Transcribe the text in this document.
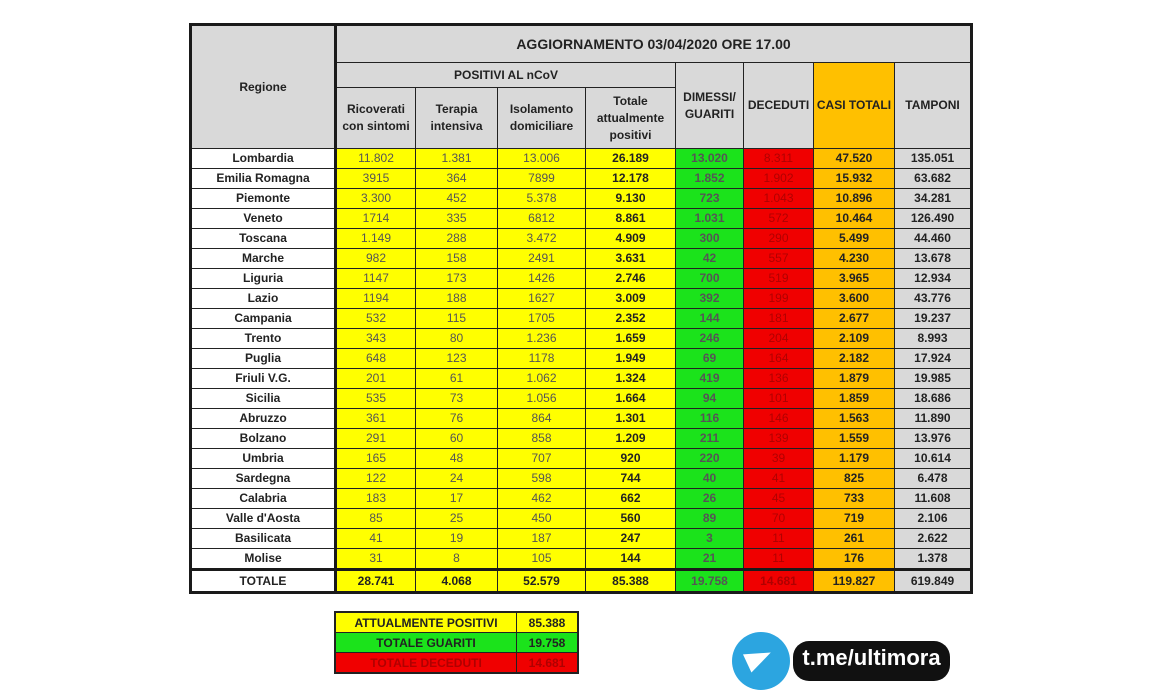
Regione	AGGIORNAMENTO 03/04/2020 ORE 17.00							
	POSITIVI AL nCoV				DIMESSI/ GUARITI	DECEDUTI	CASI TOTALI	TAMPONI
	Ricoverati con sintomi	Terapia intensiva	Isolamento domiciliare	Totale attualmente positivi				
Lombardia	11.802	1.381	13.006	26.189	13.020	8.311	47.520	135.051
Emilia Romagna	3915	364	7899	12.178	1.852	1.902	15.932	63.682
Piemonte	3.300	452	5.378	9.130	723	1.043	10.896	34.281
Veneto	1714	335	6812	8.861	1.031	572	10.464	126.490
Toscana	1.149	288	3.472	4.909	300	290	5.499	44.460
Marche	982	158	2491	3.631	42	557	4.230	13.678
Liguria	1147	173	1426	2.746	700	519	3.965	12.934
Lazio	1194	188	1627	3.009	392	199	3.600	43.776
Campania	532	115	1705	2.352	144	181	2.677	19.237
Trento	343	80	1.236	1.659	246	204	2.109	8.993
Puglia	648	123	1178	1.949	69	164	2.182	17.924
Friuli V.G.	201	61	1.062	1.324	419	136	1.879	19.985
Sicilia	535	73	1.056	1.664	94	101	1.859	18.686
Abruzzo	361	76	864	1.301	116	146	1.563	11.890
Bolzano	291	60	858	1.209	211	139	1.559	13.976
Umbria	165	48	707	920	220	39	1.179	10.614
Sardegna	122	24	598	744	40	41	825	6.478
Calabria	183	17	462	662	26	45	733	11.608
Valle d'Aosta	85	25	450	560	89	70	719	2.106
Basilicata	41	19	187	247	3	11	261	2.622
Molise	31	8	105	144	21	11	176	1.378
TOTALE	28.741	4.068	52.579	85.388	19.758	14.681	119.827	619.849
ATTUALMENTE POSITIVI	85.388
TOTALE GUARITI	19.758
TOTALE DECEDUTI	14.681	t.me/ultimora
